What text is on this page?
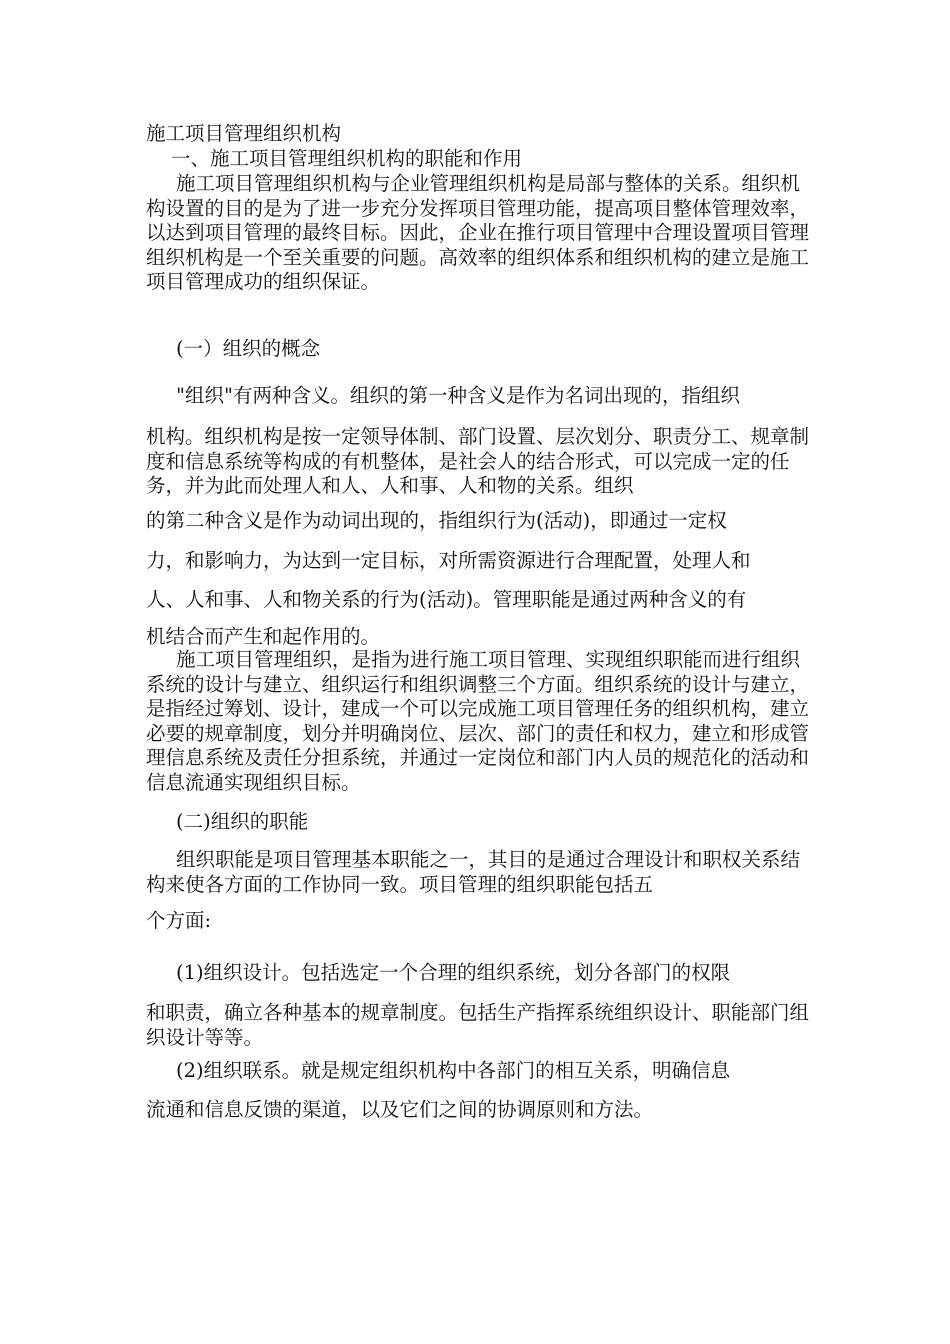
施工项目管理组织机构
一、施工项目管理组织机构的职能和作用

施工项目管理组织机构与企业管理组织机构是局部与整体的关系。组织机构设置的目的是为了进一步充分发挥项目管理功能，提高项目整体管理效率，以达到项目管理的最终目标。因此，企业在推行项目管理中合理设置项目管理组织机构是一个至关重要的问题。高效率的组织体系和组织机构的建立是施工项目管理成功的组织保证。

(一）组织的概念
"组织"有两种含义。组织的第一种含义是作为名词出现的，指组织

机构。组织机构是按一定领导体制、部门设置、层次划分、职责分工、规章制度和信息系统等构成的有机整体，是社会人的结合形式，可以完成一定的任务，并为此而处理人和人、人和事、人和物的关系。组织

的第二种含义是作为动词出现的，指组织行为(活动)，即通过一定权
力，和影响力，为达到一定目标，对所需资源进行合理配置，处理人和
人、人和事、人和物关系的行为(活动)。管理职能是通过两种含义的有
机结合而产生和起作用的。

施工项目管理组织，是指为进行施工项目管理、实现组织职能而进行组织系统的设计与建立、组织运行和组织调整三个方面。组织系统的设计与建立，是指经过筹划、设计，建成一个可以完成施工项目管理任务的组织机构，建立必要的规章制度，划分并明确岗位、层次、部门的责任和权力，建立和形成管理信息系统及责任分担系统，并通过一定岗位和部门内人员的规范化的活动和信息流通实现组织目标。

(二)组织的职能

组织职能是项目管理基本职能之一，其目的是通过合理设计和职权关系结构来使各方面的工作协同一致。项目管理的组织职能包括五

个方面:
(1)组织设计。包括选定一个合理的组织系统，划分各部门的权限

和职责，确立各种基本的规章制度。包括生产指挥系统组织设计、职能部门组织设计等等。

(2)组织联系。就是规定组织机构中各部门的相互关系，明确信息
流通和信息反馈的渠道，以及它们之间的协调原则和方法。
